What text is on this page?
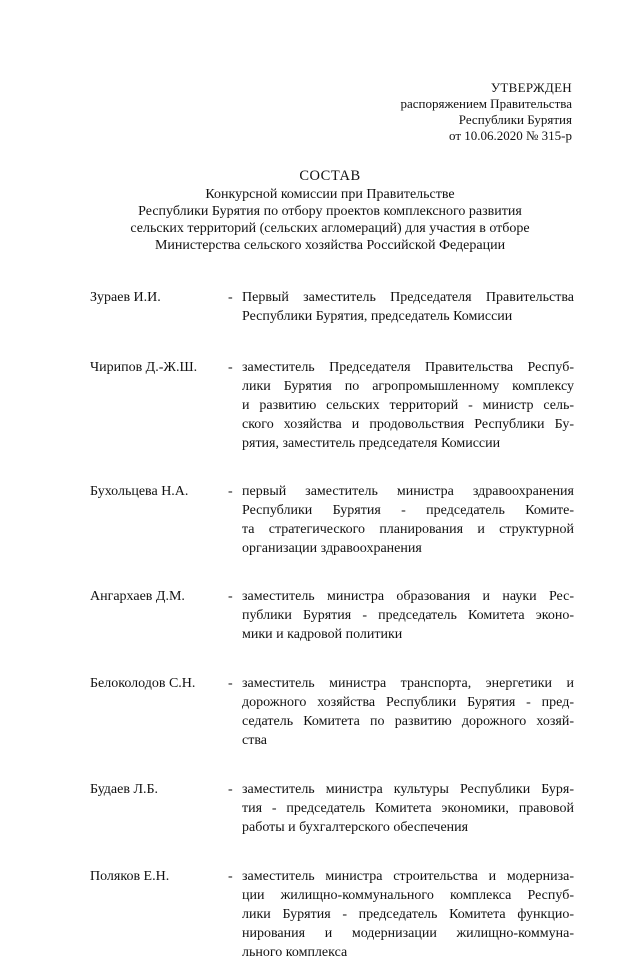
УТВЕРЖДЕН
распоряжением Правительства
Республики Бурятия
от 10.06.2020 № 315-р
СОСТАВ
Конкурсной комиссии при Правительстве
Республики Бурятия по отбору проектов комплексного развития
сельских территорий (сельских агломераций) для участия в отборе
Министерства сельского хозяйства Российской Федерации
Зураев И.И.	- Первый заместитель Председателя Правительства
Республики Бурятия, председатель Комиссии
Чирипов Д.-Ж.Ш. - заместитель Председателя Правительства Респуб-
лики Бурятия по агропромышленному комплексу
и развитию сельских территорий - министр сель-
ского хозяйства и продовольствия Республики Бу-
рятия, заместитель председателя Комиссии
Бухольцева Н.А.	- первый заместитель министра здравоохранения
Республики Бурятия - председатель Комите-
та стратегического планирования и структурной
организации здравоохранения
Ангархаев Д.М.	- заместитель министра образования и науки Рес-
публики Бурятия - председатель Комитета эконо-
мики и кадровой политики
Белоколодов С.Н. - заместитель министра транспорта, энергетики и
дорожного хозяйства Республики Бурятия - пред-
седатель Комитета по развитию дорожного хозяй-
ства
Будаев Л.Б.	- заместитель министра культуры Республики Буря-
тия - председатель Комитета экономики, правовой
работы и бухгалтерского обеспечения
Поляков Е.Н.	- заместитель министра строительства и модерниза-
ции жилищно-коммунального комплекса Респуб-
лики Бурятия - председатель Комитета функцио-
нирования и модернизации жилищно-коммуна-
льного комплекса
